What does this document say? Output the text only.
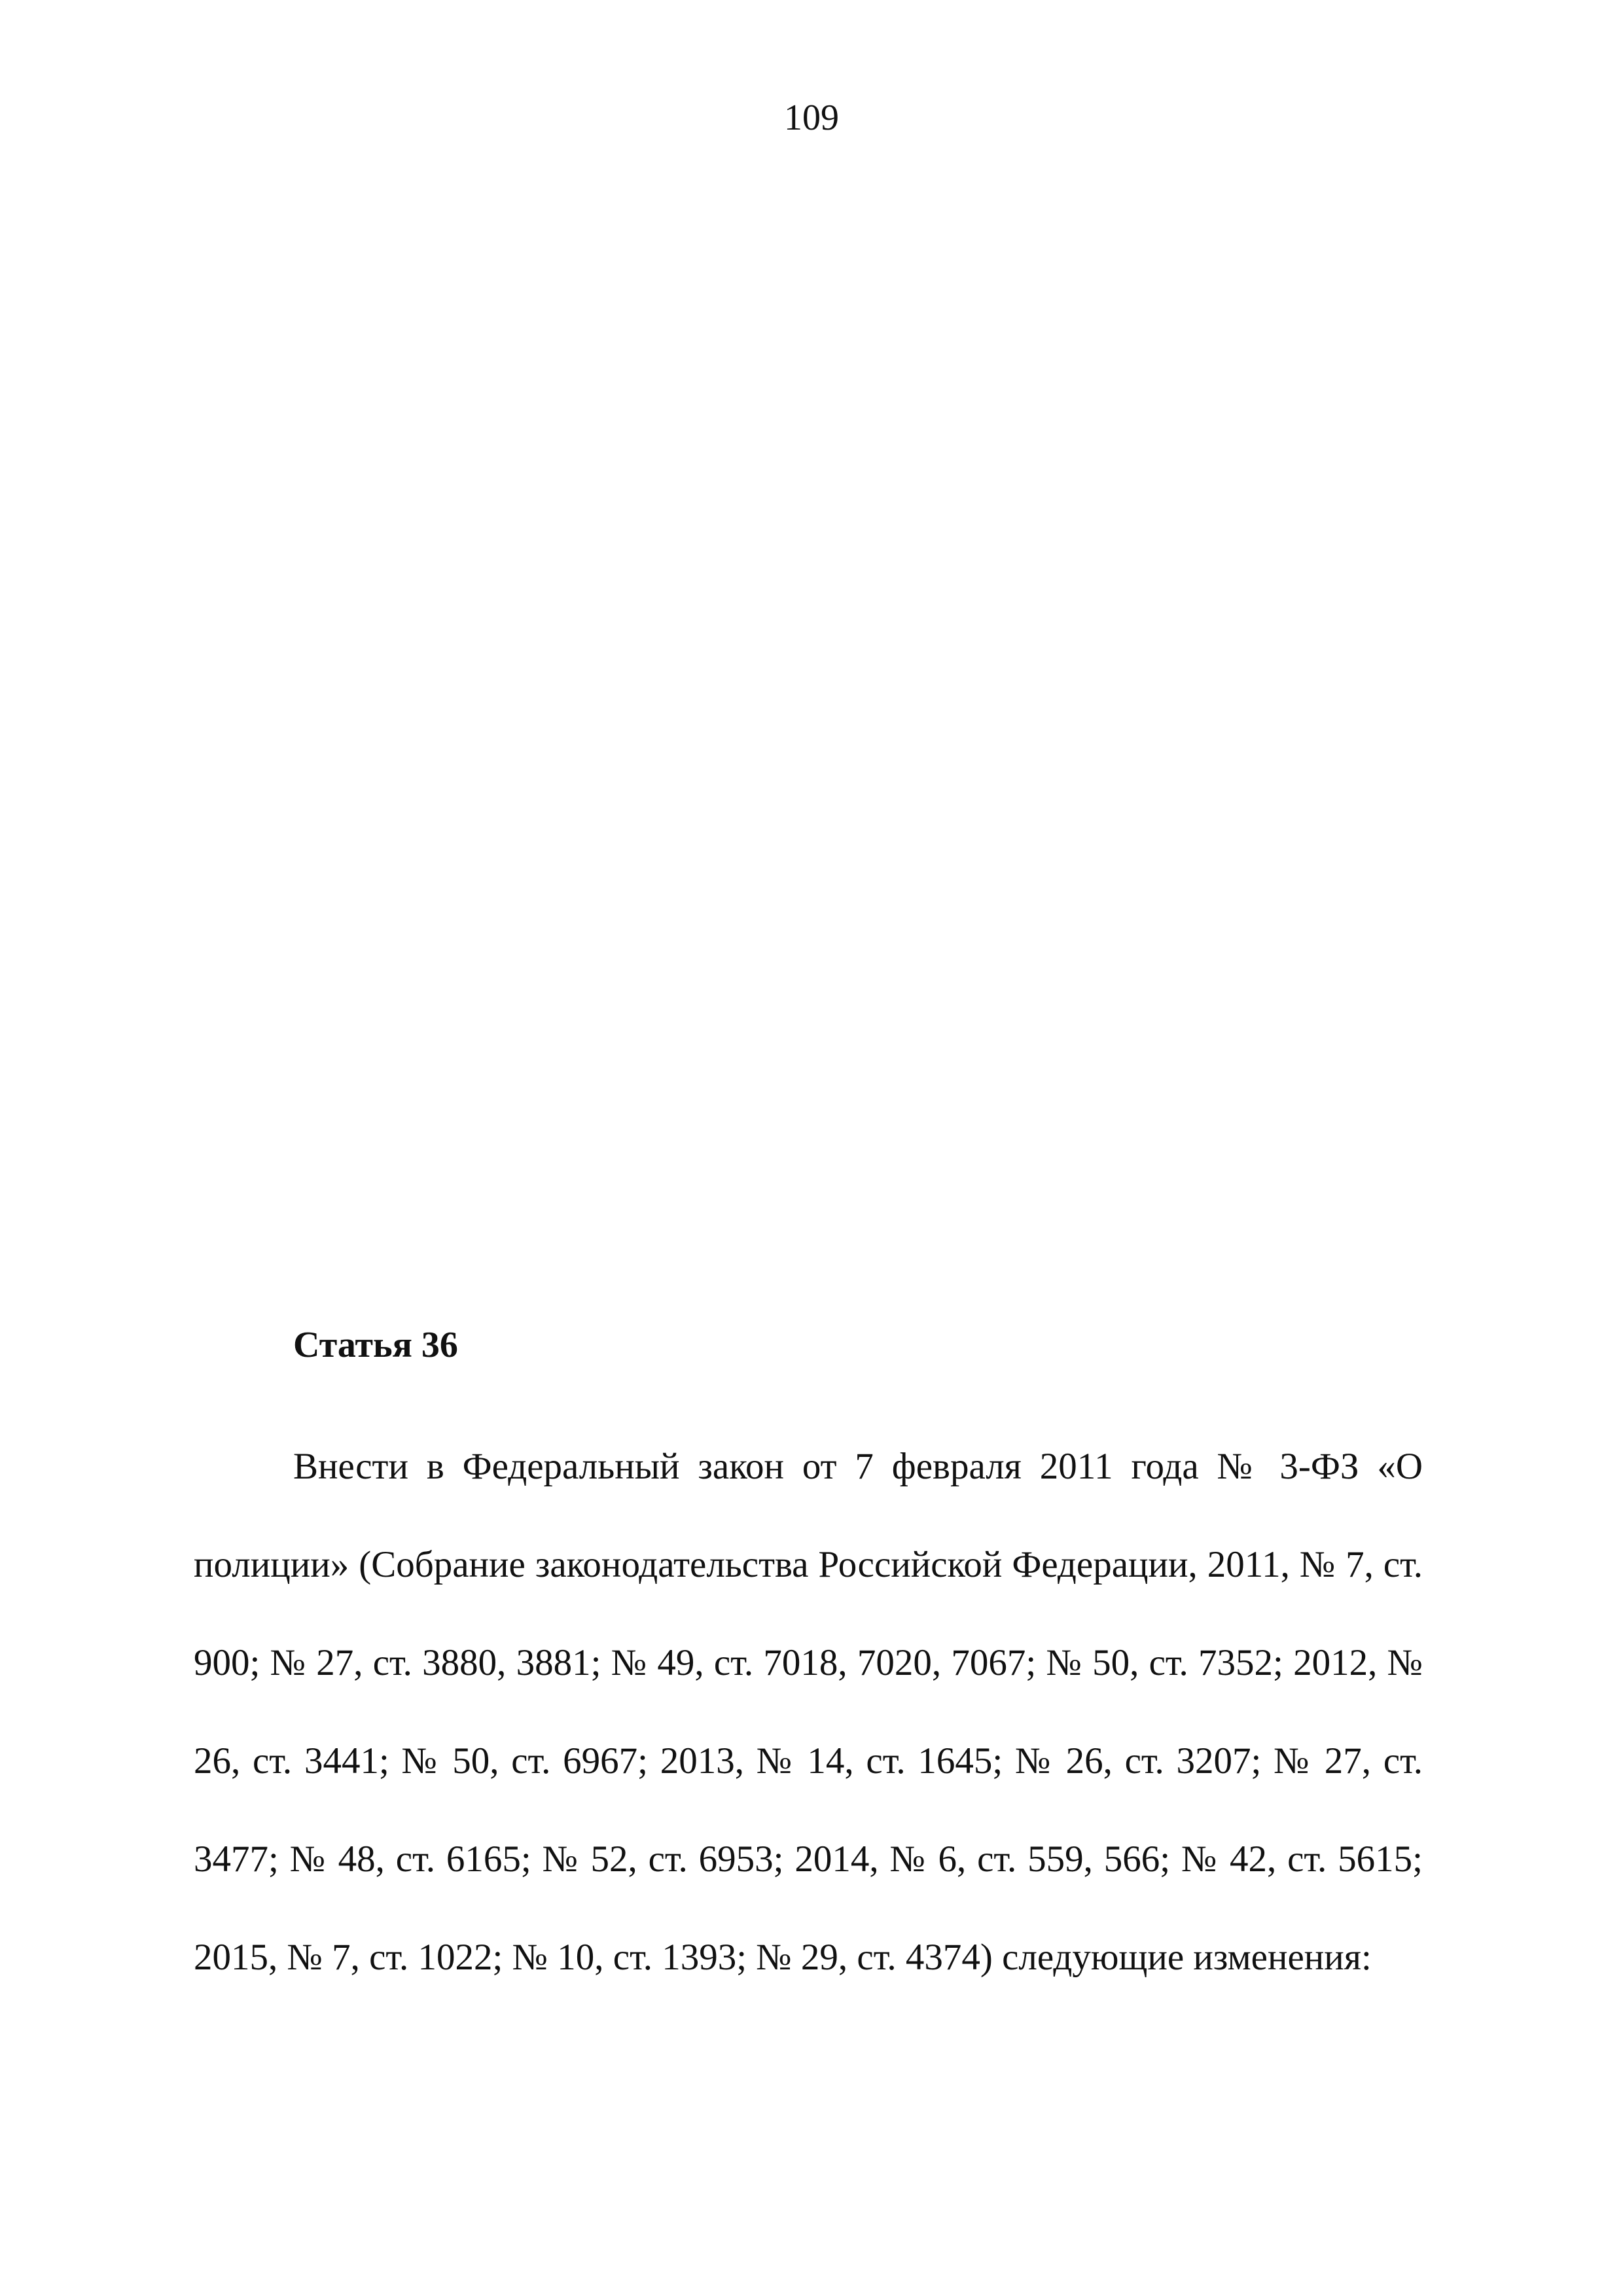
109
Статья 36

Внести в Федеральный закон от 7 февраля 2011 года № 3-ФЗ «О полиции» (Собрание законодательства Российской Федерации, 2011, № 7, ст. 900; № 27, ст. 3880, 3881; № 49, ст. 7018, 7020, 7067; № 50, ст. 7352; 2012, № 26, ст. 3441; № 50, ст. 6967; 2013, № 14, ст. 1645; № 26, ст. 3207; № 27, ст. 3477; № 48, ст. 6165; № 52, ст. 6953; 2014, № 6, ст. 559, 566; № 42, ст. 5615; 2015, № 7, ст. 1022; № 10, ст. 1393; № 29, ст. 4374) следующие изменения:
